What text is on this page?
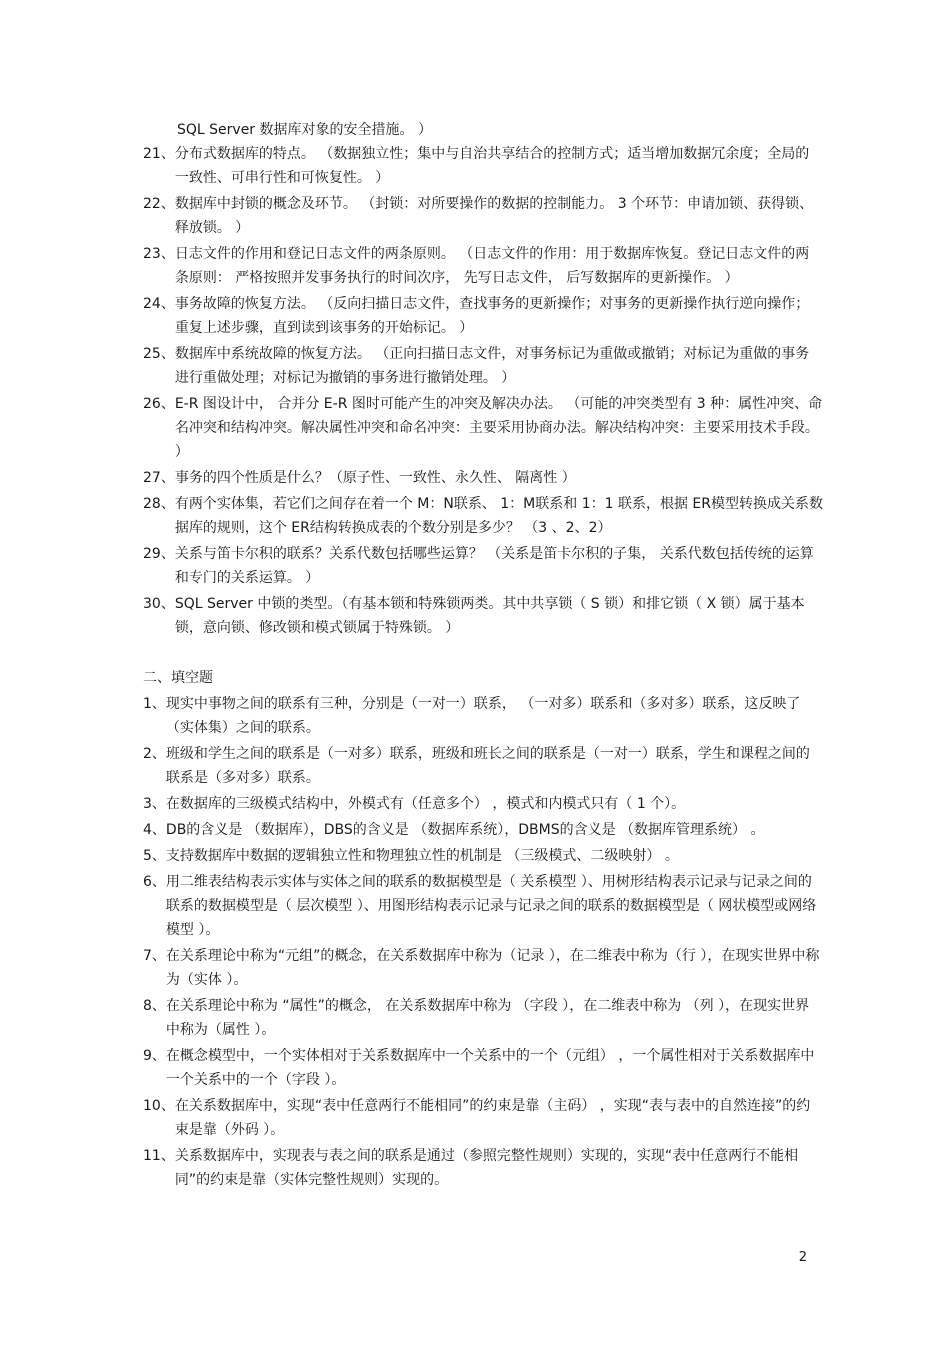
SQL Server 数据库对象的安全措施。 ）
21、 分布式数据库的特点。 （数据独立性；集中与自治共享结合的控制方式；适当增加数据冗余度；全局的一致性、可串行性和可恢复性。 ）
22、 数据库中封锁的概念及环节。 （封锁：对所要操作的数据的控制能力。 3 个环节：申请加锁、获得锁、释放锁。 ）
23、 日志文件的作用和登记日志文件的两条原则。 （日志文件的作用：用于数据库恢复。登记日志文件的两条原则： 严格按照并发事务执行的时间次序， 先写日志文件， 后写数据库的更新操作。 ）
24、 事务故障的恢复方法。 （反向扫描日志文件，查找事务的更新操作；对事务的更新操作执行逆向操作；重复上述步骤，直到读到该事务的开始标记。 ）
25、 数据库中系统故障的恢复方法。 （正向扫描日志文件，对事务标记为重做或撤销；对标记为重做的事务进行重做处理；对标记为撤销的事务进行撤销处理。 ）
26、 E-R 图设计中， 合并分 E-R 图时可能产生的冲突及解决办法。 （可能的冲突类型有 3 种：属性冲突、命名冲突和结构冲突。解决属性冲突和命名冲突：主要采用协商办法。解决结构冲突：主要采用技术手段。 ）
27、 事务的四个性质是什么？（原子性、一致性、永久性、 隔离性 ）
28、 有两个实体集，若它们之间存在着一个 M：N联系、 1：M联系和 1：1 联系，根据 ER模型转换成关系数据库的规则，这个 ER结构转换成表的个数分别是多少？ （3 、2、2）
29、 关系与笛卡尔积的联系？关系代数包括哪些运算？ （关系是笛卡尔积的子集， 关系代数包括传统的运算和专门的关系运算。 ）
30、 SQL Server 中锁的类型。（有基本锁和特殊锁两类。其中共享锁（ S 锁）和排它锁（ X 锁）属于基本锁，意向锁、修改锁和模式锁属于特殊锁。 ）
二、填空题
1、 现实中事物之间的联系有三种，分别是（一对一）联系， （一对多）联系和（多对多）联系，这反映了（实体集）之间的联系。
2、 班级和学生之间的联系是（一对多）联系，班级和班长之间的联系是（一对一）联系，学生和课程之间的联系是（多对多）联系。
3、 在数据库的三级模式结构中，外模式有（任意多个） ，模式和内模式只有（ 1 个）。
4、 DB的含义是 （数据库），DBS的含义是 （数据库系统），DBMS的含义是 （数据库管理系统） 。
5、 支持数据库中数据的逻辑独立性和物理独立性的机制是 （三级模式、二级映射） 。
6、 用二维表结构表示实体与实体之间的联系的数据模型是（ 关系模型 ）、用树形结构表示记录与记录之间的联系的数据模型是（ 层次模型 ）、用图形结构表示记录与记录之间的联系的数据模型是（ 网状模型或网络模型 ）。
7、 在关系理论中称为“元组”的概念，在关系数据库中称为（记录 ），在二维表中称为（行 ），在现实世界中称为（实体 ）。
8、 在关系理论中称为 “属性”的概念， 在关系数据库中称为 （字段 ），在二维表中称为 （列 ），在现实世界中称为（属性 ）。
9、 在概念模型中，一个实体相对于关系数据库中一个关系中的一个（元组） ，一个属性相对于关系数据库中一个关系中的一个（字段 ）。
10、 在关系数据库中，实现“表中任意两行不能相同”的约束是靠（主码） ，实现“表与表中的自然连接”的约束是靠（外码 ）。
11、 关系数据库中，实现表与表之间的联系是通过（参照完整性规则）实现的，实现“表中任意两行不能相同”的约束是靠（实体完整性规则）实现的。
2
